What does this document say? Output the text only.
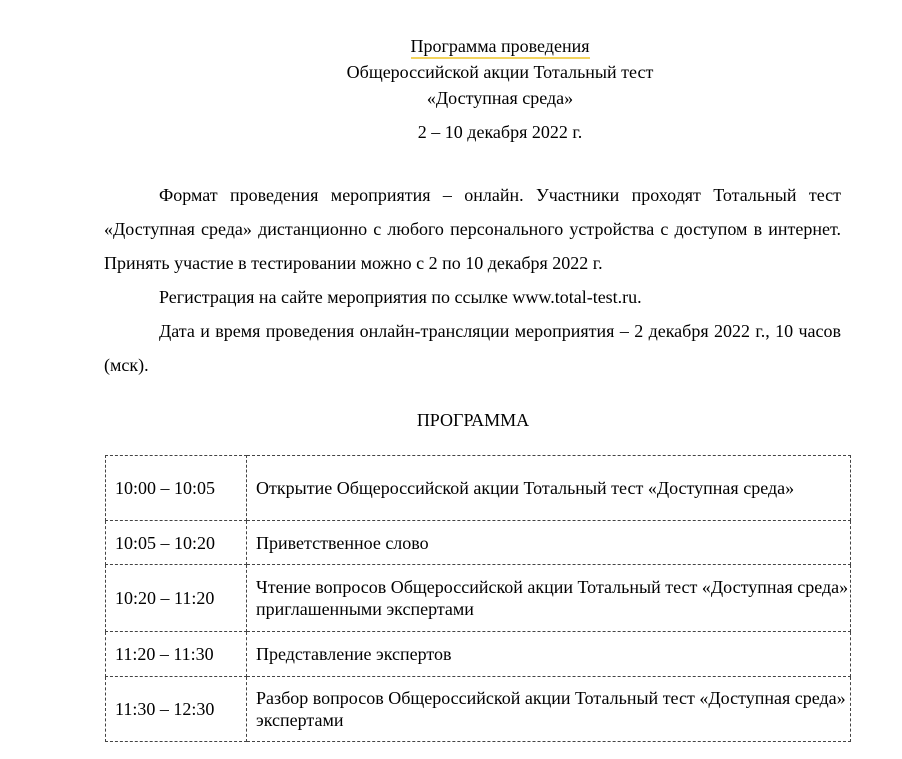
Программа проведения
Общероссийской акции Тотальный тест
«Доступная среда»
2 – 10 декабря 2022 г.

Формат проведения мероприятия – онлайн. Участники проходят Тотальный тест «Доступная среда» дистанционно с любого персонального устройства с доступом в интернет. Принять участие в тестировании можно с 2 по 10 декабря 2022 г.

Регистрация на сайте мероприятия по ссылке www.total-test.ru.

Дата и время проведения онлайн-трансляции мероприятия – 2 декабря 2022 г., 10 часов (мск).

ПРОГРАММА
10:00 – 10:05	Открытие Общероссийской акции Тотальный тест «Доступная среда»
10:05 – 10:20	Приветственное слово
10:20 – 11:20	Чтение вопросов Общероссийской акции Тотальный тест «Доступная среда» приглашенными экспертами
11:20 – 11:30	Представление экспертов
11:30 – 12:30	Разбор вопросов Общероссийской акции Тотальный тест «Доступная среда» экспертами
